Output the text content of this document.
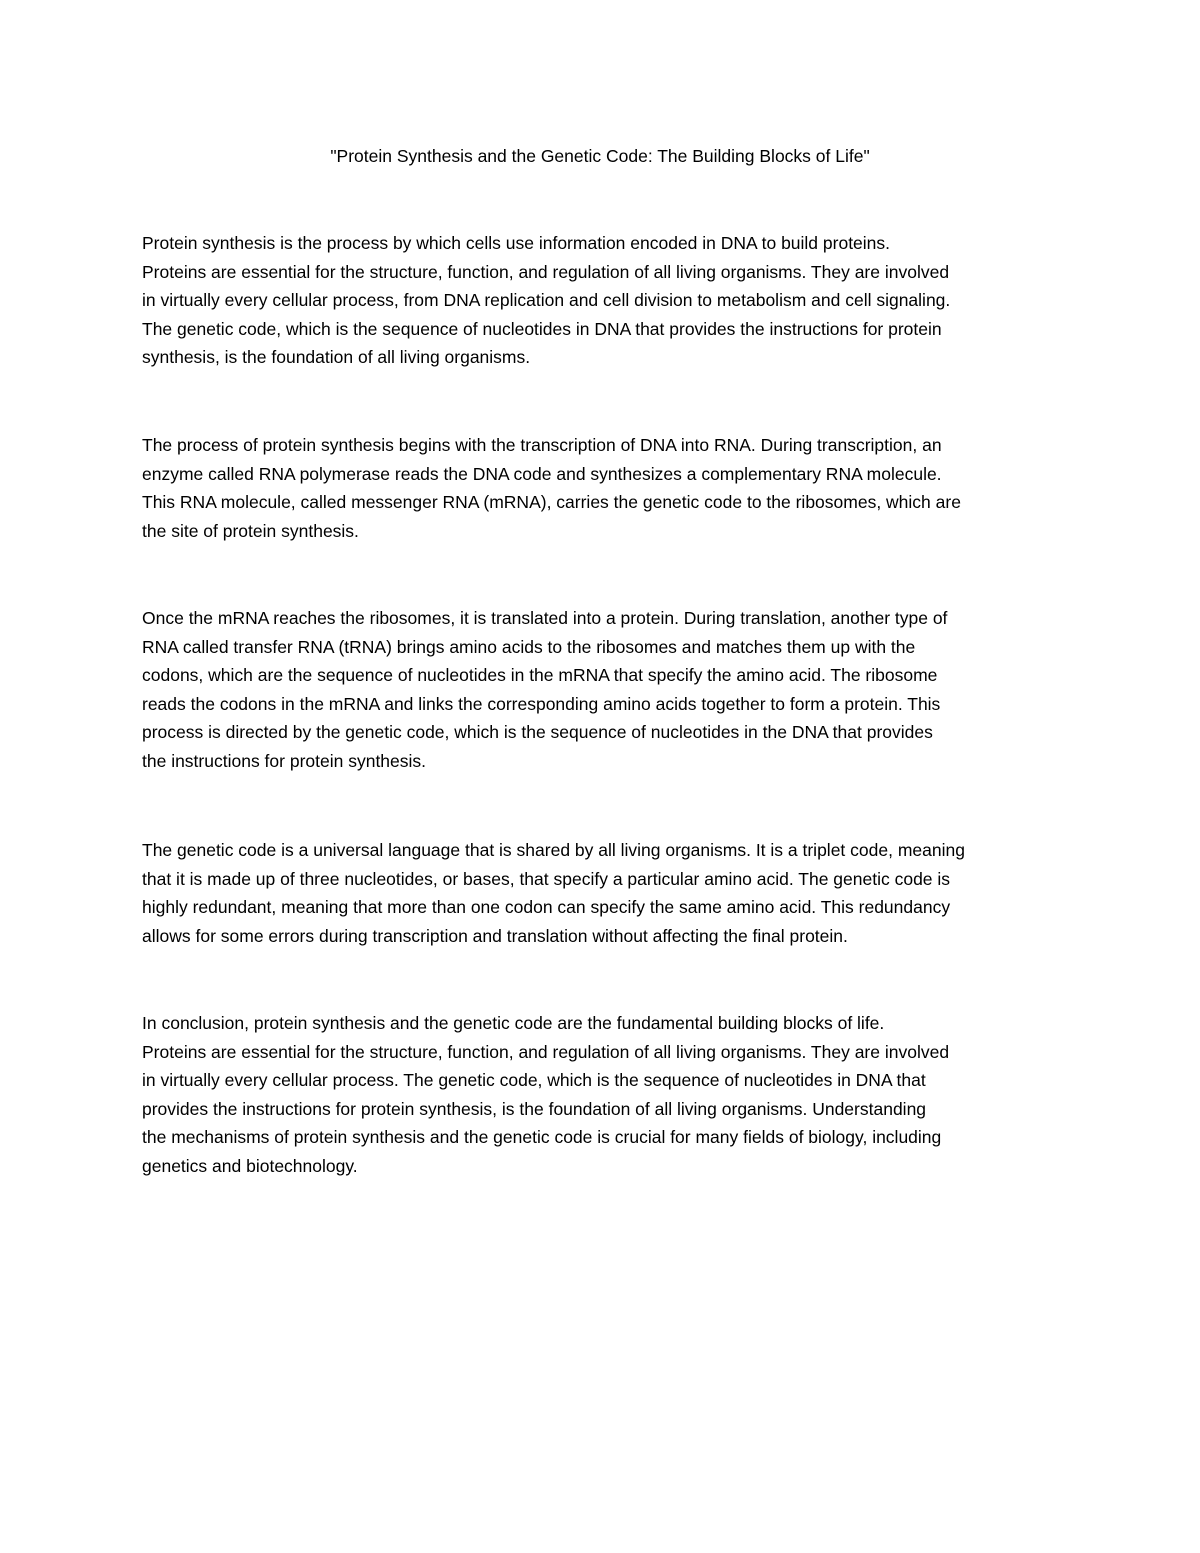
"Protein Synthesis and the Genetic Code: The Building Blocks of Life"

Protein synthesis is the process by which cells use information encoded in DNA to build proteins.
Proteins are essential for the structure, function, and regulation of all living organisms. They are involved
in virtually every cellular process, from DNA replication and cell division to metabolism and cell signaling.
The genetic code, which is the sequence of nucleotides in DNA that provides the instructions for protein
synthesis, is the foundation of all living organisms.

The process of protein synthesis begins with the transcription of DNA into RNA. During transcription, an
enzyme called RNA polymerase reads the DNA code and synthesizes a complementary RNA molecule.
This RNA molecule, called messenger RNA (mRNA), carries the genetic code to the ribosomes, which are
the site of protein synthesis.

Once the mRNA reaches the ribosomes, it is translated into a protein. During translation, another type of
RNA called transfer RNA (tRNA) brings amino acids to the ribosomes and matches them up with the
codons, which are the sequence of nucleotides in the mRNA that specify the amino acid. The ribosome
reads the codons in the mRNA and links the corresponding amino acids together to form a protein. This
process is directed by the genetic code, which is the sequence of nucleotides in the DNA that provides
the instructions for protein synthesis.

The genetic code is a universal language that is shared by all living organisms. It is a triplet code, meaning
that it is made up of three nucleotides, or bases, that specify a particular amino acid. The genetic code is
highly redundant, meaning that more than one codon can specify the same amino acid. This redundancy
allows for some errors during transcription and translation without affecting the final protein.

In conclusion, protein synthesis and the genetic code are the fundamental building blocks of life.
Proteins are essential for the structure, function, and regulation of all living organisms. They are involved
in virtually every cellular process. The genetic code, which is the sequence of nucleotides in DNA that
provides the instructions for protein synthesis, is the foundation of all living organisms. Understanding
the mechanisms of protein synthesis and the genetic code is crucial for many fields of biology, including
genetics and biotechnology.
